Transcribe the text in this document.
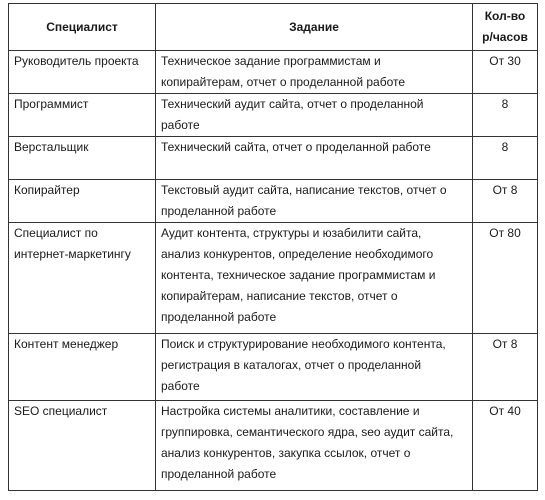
Специалист	Задание	Кол-во
р/часов

Руководитель проекта	Техническое задание программистам и
копирайтерам, отчет о проделанной работе	От 30

Программист	Технический аудит сайта, отчет о проделанной
работе	8

Верстальщик	Технический сайта, отчет о проделанной работе	8

Копирайтер	Текстовый аудит сайта, написание текстов, отчет о
проделанной работе	От 8

Специалист по
интернет-маркетингу	Аудит контента, структуры и юзабилити сайта,
анализ конкурентов, определение необходимого
контента, техническое задание программистам и
копирайтерам, написание текстов, отчет о
проделанной работе	От 80

Контент менеджер	Поиск и структурирование необходимого контента,
регистрация в каталогах, отчет о проделанной
работе	От 8

SEO специалист	Настройка системы аналитики, составление и
группировка, семантического ядра, seo аудит сайта,
анализ конкурентов, закупка ссылок, отчет о
проделанной работе	От 40
